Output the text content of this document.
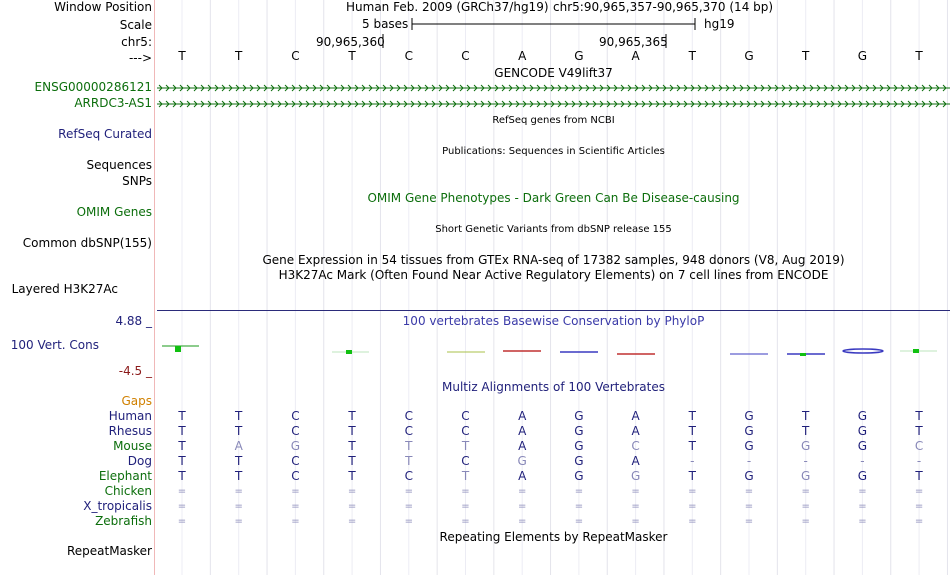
Window Position	Human Feb. 2009 (GRCh37/hg19) chr5:90,965,357-90,965,370 (14 bp)
Scale	5 bases	hg19
chr5:	90,965,360	90,965,365
--->	T	T	C	T	C	C	A	G	A	T	G	T	G	T
GENCODE V49lift37
ENSG00000286121
ARRDC3-AS1
RefSeq genes from NCBI
RefSeq Curated
Publications: Sequences in Scientific Articles
Sequences
SNPs
OMIM Gene Phenotypes - Dark Green Can Be Disease-causing
OMIM Genes
Short Genetic Variants from dbSNP release 155
Common dbSNP(155)
Gene Expression in 54 tissues from GTEx RNA-seq of 17382 samples, 948 donors (V8, Aug 2019)
H3K27Ac Mark (Often Found Near Active Regulatory Elements) on 7 cell lines from ENCODE
Layered H3K27Ac
4.88 _	100 vertebrates Basewise Conservation by PhyloP
100 Vert. Cons
-4.5 _
Multiz Alignments of 100 Vertebrates
Gaps
Human	T	T	C	T	C	C	A	G	A	T	G	T	G	T
Rhesus	T	T	C	T	C	C	A	G	A	T	G	T	G	T
Mouse	T	A	G	T	T	T	A	G	C	T	G	G	G	C
Dog	T	T	C	T	T	C	G	G	A	-	-	-	-	-
Elephant	T	T	C	T	C	T	A	G	G	T	G	G	G	T
Chicken	=	=	=	=	=	=	=	=	=	=	=	=	=	=
X_tropicalis	=	=	=	=	=	=	=	=	=	=	=	=	=	=
Zebrafish	=	=	=	=	=	=	=	=	=	=	=	=	=	=
Repeating Elements by RepeatMasker
RepeatMasker
